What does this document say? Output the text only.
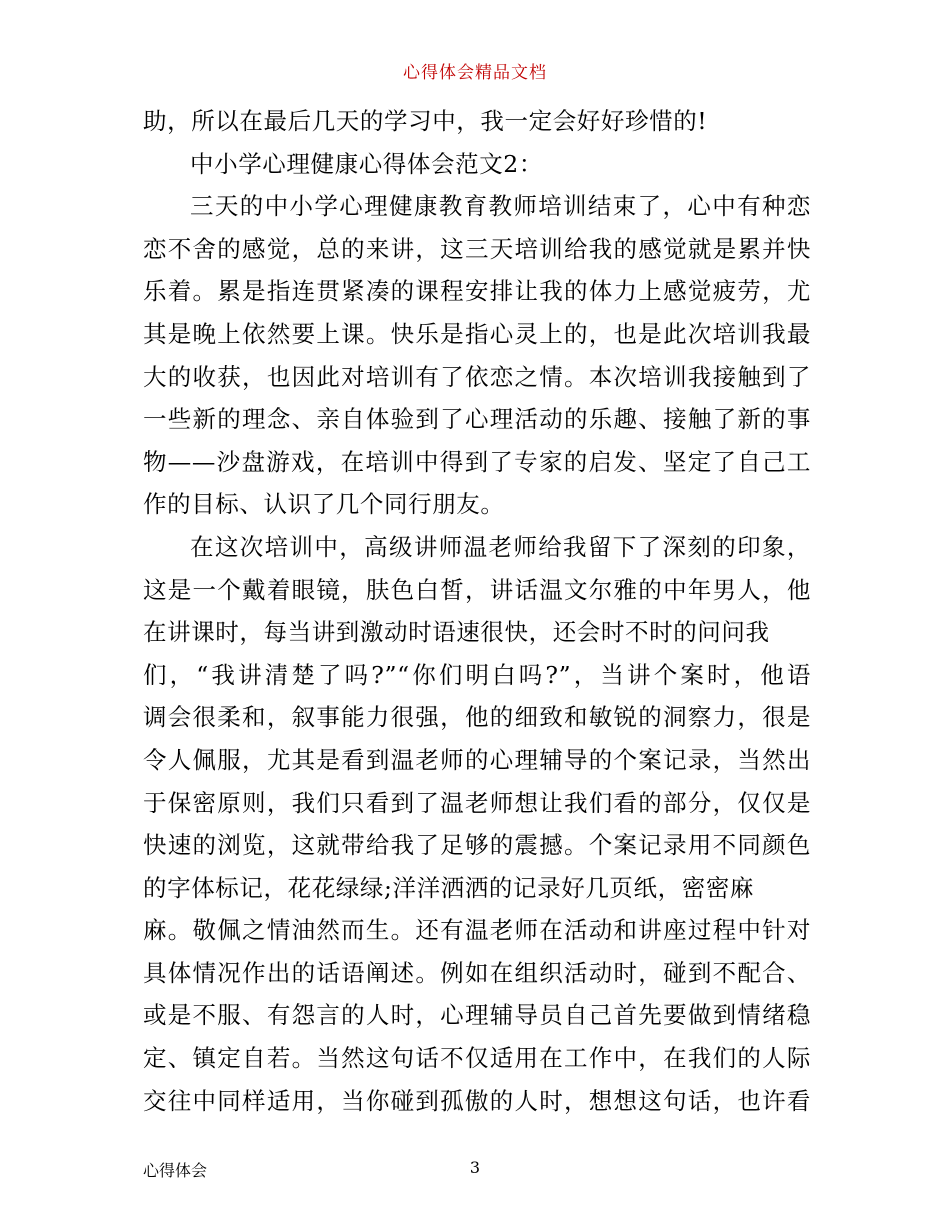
心得体会精品文档
助，所以在最后几天的学习中，我一定会好好珍惜的!
中小学心理健康心得体会范文2：
三天的中小学心理健康教育教师培训结束了，心中有种恋
恋不舍的感觉，总的来讲，这三天培训给我的感觉就是累并快
乐着。累是指连贯紧凑的课程安排让我的体力上感觉疲劳，尤
其是晚上依然要上课。快乐是指心灵上的，也是此次培训我最
大的收获，也因此对培训有了依恋之情。本次培训我接触到了
一些新的理念、亲自体验到了心理活动的乐趣、接触了新的事
物——沙盘游戏，在培训中得到了专家的启发、坚定了自己工
作的目标、认识了几个同行朋友。
在这次培训中，高级讲师温老师给我留下了深刻的印象，
这是一个戴着眼镜，肤色白皙，讲话温文尔雅的中年男人，他
在讲课时，每当讲到激动时语速很快，还会时不时的问问我
们，“我讲清楚了吗?”“你们明白吗?”，当讲个案时，他语
调会很柔和，叙事能力很强，他的细致和敏锐的洞察力，很是
令人佩服，尤其是看到温老师的心理辅导的个案记录，当然出
于保密原则，我们只看到了温老师想让我们看的部分，仅仅是
快速的浏览，这就带给我了足够的震撼。个案记录用不同颜色
的字体标记，花花绿绿;洋洋洒洒的记录好几页纸，密密麻
麻。敬佩之情油然而生。还有温老师在活动和讲座过程中针对
具体情况作出的话语阐述。例如在组织活动时，碰到不配合、
或是不服、有怨言的人时，心理辅导员自己首先要做到情绪稳
定、镇定自若。当然这句话不仅适用在工作中，在我们的人际
交往中同样适用，当你碰到孤傲的人时，想想这句话，也许看
心得体会	3
